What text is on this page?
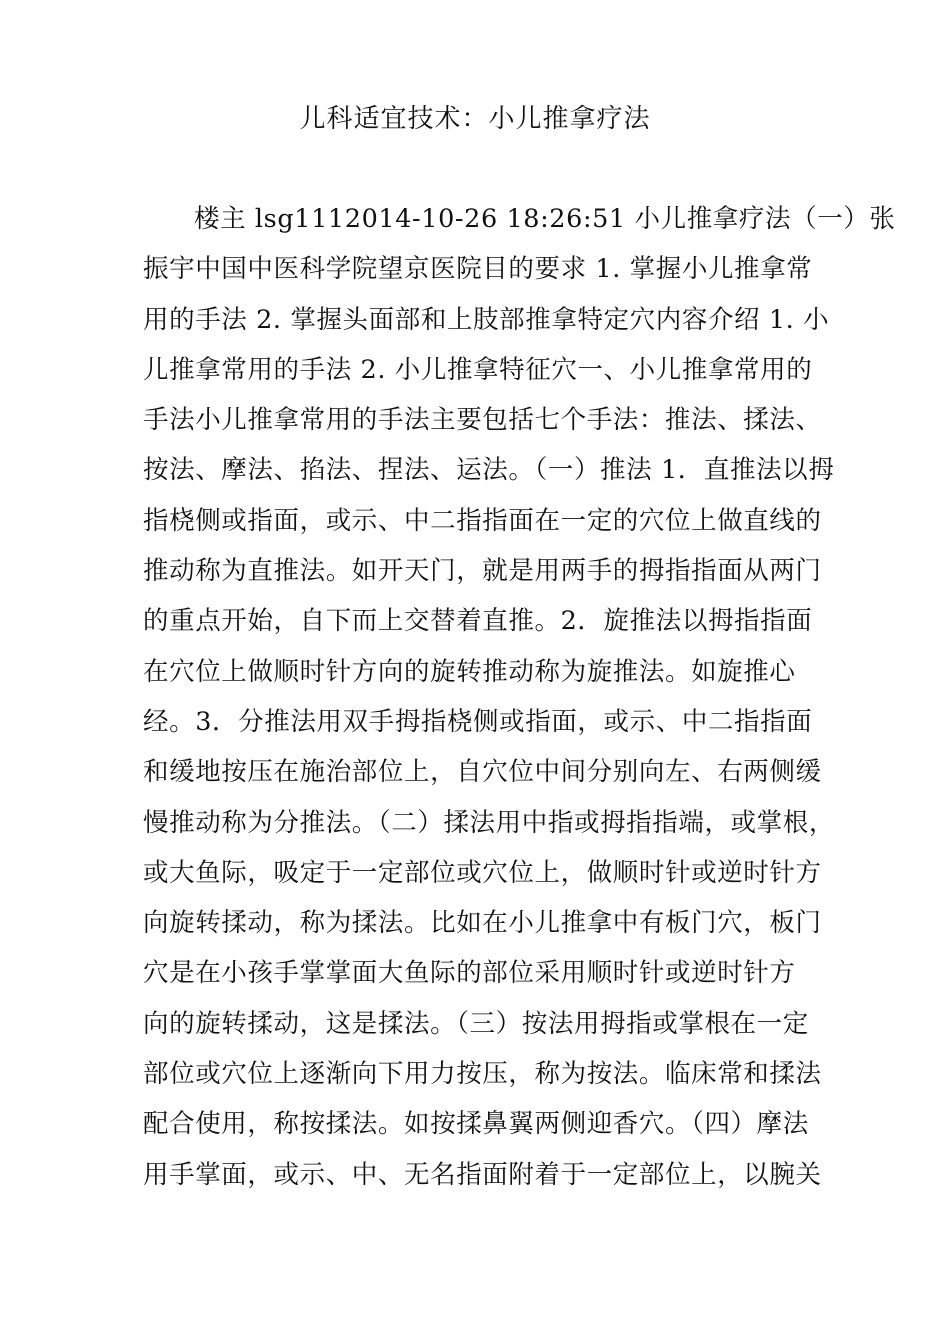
儿科适宜技术：小儿推拿疗法
楼主 lsg1112014-10-26 18:26:51 小儿推拿疗法（一）张
振宇中国中医科学院望京医院目的要求 1. 掌握小儿推拿常
用的手法 2. 掌握头面部和上肢部推拿特定穴内容介绍 1. 小
儿推拿常用的手法 2. 小儿推拿特征穴一、小儿推拿常用的
手法小儿推拿常用的手法主要包括七个手法：推法、揉法、
按法、摩法、掐法、捏法、运法。（一）推法 1．直推法以拇
指桡侧或指面，或示、中二指指面在一定的穴位上做直线的
推动称为直推法。如开天门，就是用两手的拇指指面从两门
的重点开始，自下而上交替着直推。2．旋推法以拇指指面
在穴位上做顺时针方向的旋转推动称为旋推法。如旋推心
经。3．分推法用双手拇指桡侧或指面，或示、中二指指面
和缓地按压在施治部位上，自穴位中间分别向左、右两侧缓
慢推动称为分推法。（二）揉法用中指或拇指指端，或掌根，
或大鱼际，吸定于一定部位或穴位上，做顺时针或逆时针方
向旋转揉动，称为揉法。比如在小儿推拿中有板门穴，板门
穴是在小孩手掌掌面大鱼际的部位采用顺时针或逆时针方
向的旋转揉动，这是揉法。（三）按法用拇指或掌根在一定
部位或穴位上逐渐向下用力按压，称为按法。临床常和揉法
配合使用，称按揉法。如按揉鼻翼两侧迎香穴。（四）摩法
用手掌面，或示、中、无名指面附着于一定部位上，以腕关
